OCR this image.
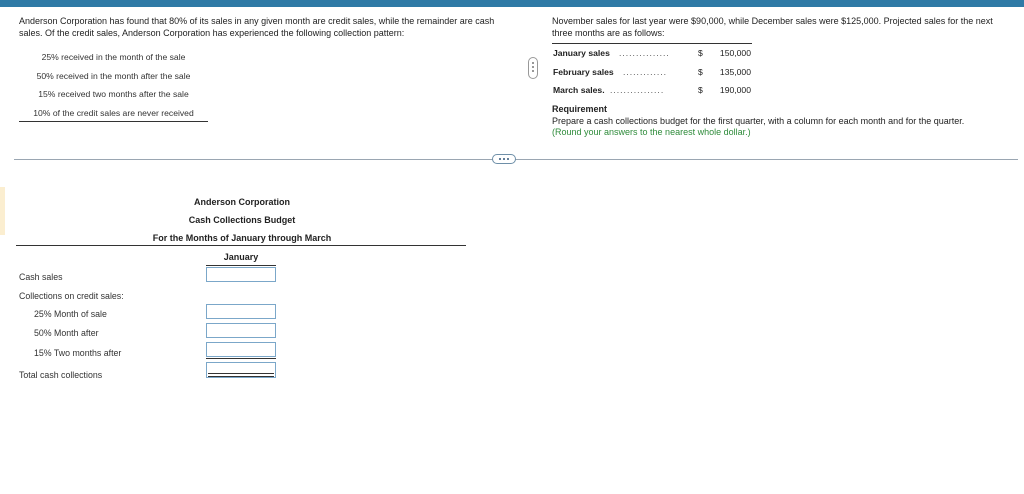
Anderson Corporation has found that 80% of its sales in any given month are credit sales, while the remainder are cash sales. Of the credit sales, Anderson Corporation has experienced the following collection pattern:

25% received in the month of the sale
50% received in the month after the sale
15% received two months after the sale
10% of the credit sales are never received

November sales for last year were $90,000, while December sales were $125,000. Projected sales for the next three months are as follows:

January sales ...............	$ 150,000
February sales .............	$ 135,000
March sales. ................	$ 190,000
Requirement
Prepare a cash collections budget for the first quarter, with a column for each month and for the quarter.
(Round your answers to the nearest whole dollar.)
Anderson Corporation
Cash Collections Budget
For the Months of January through March
January
Cash sales
Collections on credit sales:
25% Month of sale
50% Month after
15% Two months after
Total cash collections
